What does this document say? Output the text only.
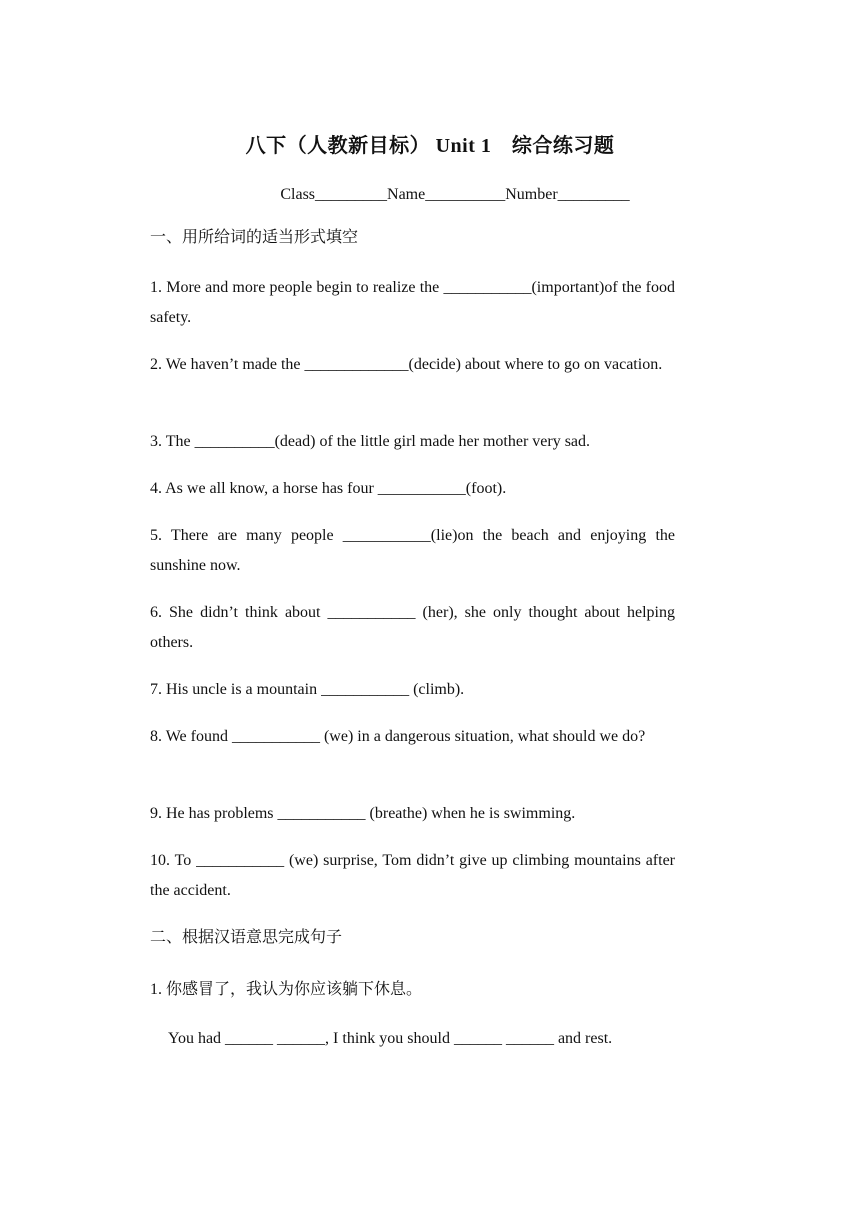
八下（人教新目标） Unit 1　综合练习题
Class_________Name__________Number_________

一、用所给词的适当形式填空

1. More and more people begin to realize the ___________(important)of the food safety.

2. We haven’t made the _____________(decide) about where to go on vacation.

3. The __________(dead) of the little girl made her mother very sad.

4. As we all know, a horse has four ___________(foot).

5. There are many people ___________(lie)on the beach and enjoying the sunshine now.

6. She didn’t think about ___________ (her), she only thought about helping others.

7. His uncle is a mountain ___________ (climb).

8. We found ___________ (we) in a dangerous situation, what should we do?

9. He has problems ___________ (breathe) when he is swimming.

10. To ___________ (we) surprise, Tom didn’t give up climbing mountains after the accident.

二、根据汉语意思完成句子

1. 你感冒了，我认为你应该躺下休息。

You had ______ ______, I think you should ______ ______ and rest.
